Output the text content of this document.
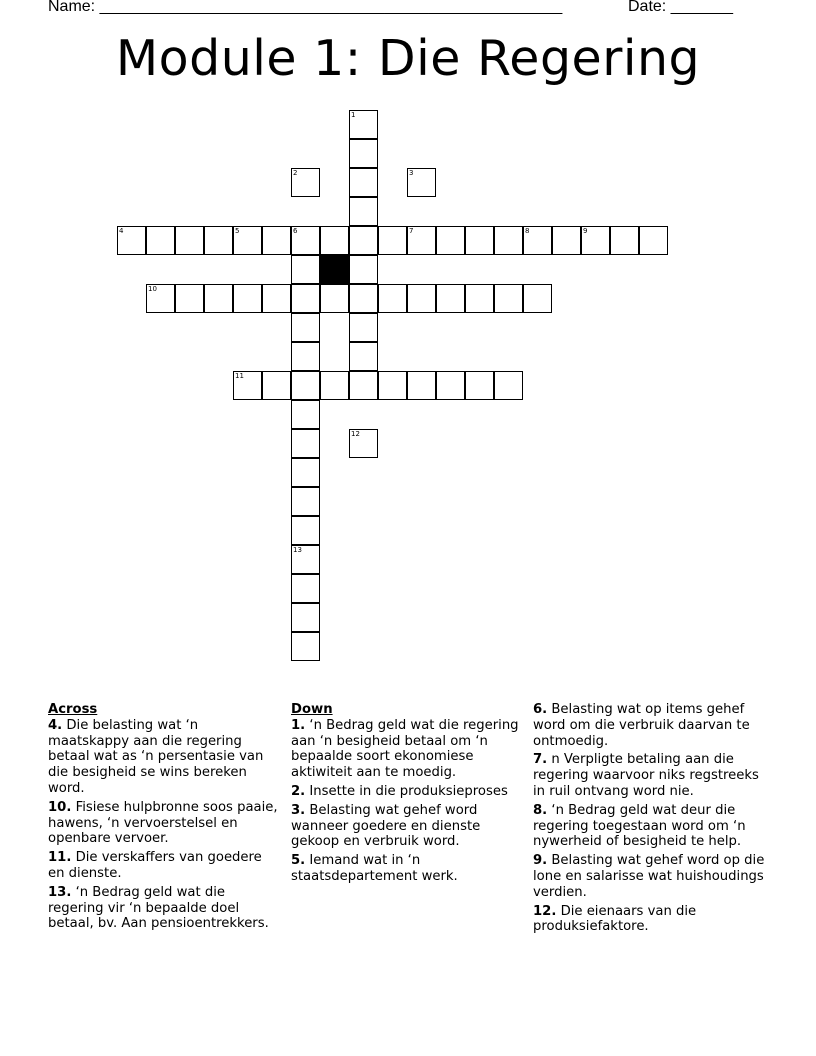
Name: ____________________________________________________	Date: _______
Module 1: Die Regering
1
2	3
4	5	6	7	8	9
10
11
12
13
Across
4. Die belasting wat ‘n maatskappy aan die regering betaal wat as ‘n persentasie van die besigheid se wins bereken word.
10. Fisiese hulpbronne soos paaie, hawens, ‘n vervoerstelsel en openbare vervoer.
11. Die verskaffers van goedere en dienste.
13. ‘n Bedrag geld wat die regering vir ‘n bepaalde doel betaal, bv. Aan pensioentrekkers.
Down
1. ‘n Bedrag geld wat die regering aan ‘n besigheid betaal om ‘n bepaalde soort ekonomiese aktiwiteit aan te moedig.
2. Insette in die produksieproses
3. Belasting wat gehef word wanneer goedere en dienste gekoop en verbruik word.
5. Iemand wat in ‘n staatsdepartement werk.
6. Belasting wat op items gehef word om die verbruik daarvan te ontmoedig.
7. n Verpligte betaling aan die regering waarvoor niks regstreeks in ruil ontvang word nie.
8. ‘n Bedrag geld wat deur die regering toegestaan word om ‘n nywerheid of besigheid te help.
9. Belasting wat gehef word op die lone en salarisse wat huishoudings verdien.
12. Die eienaars van die produksiefaktore.
